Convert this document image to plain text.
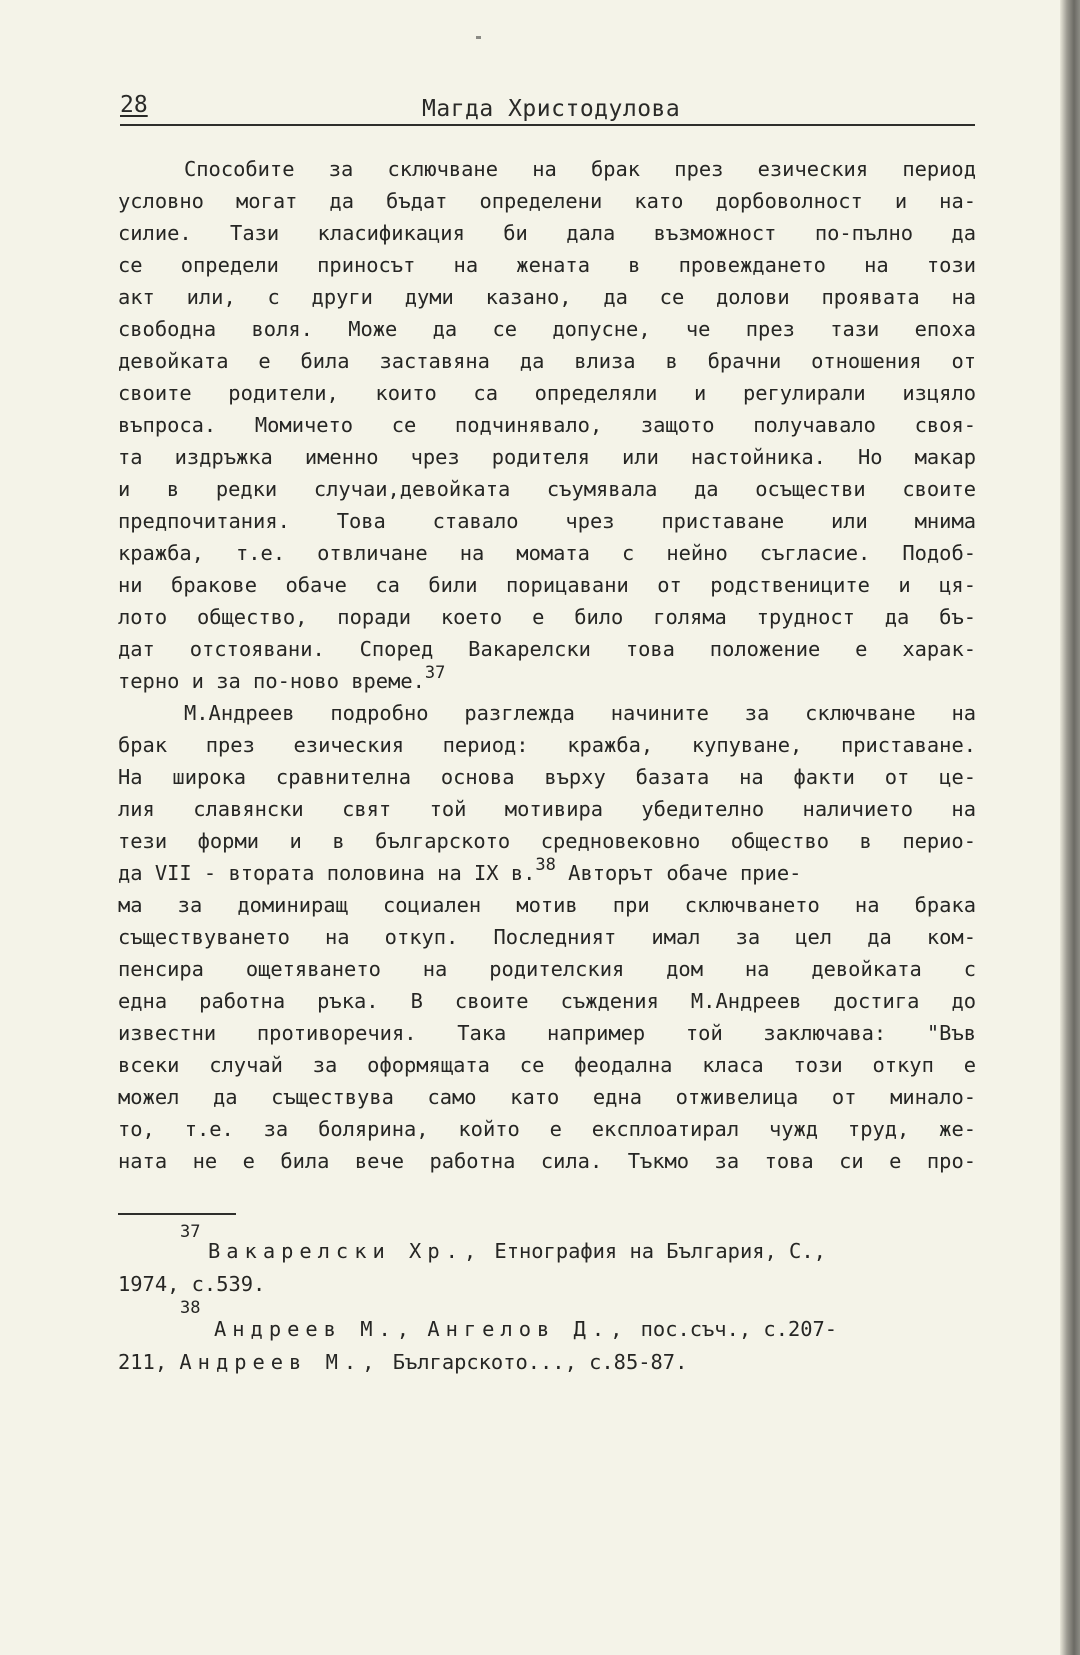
28	Магда Христодулова
Способите за сключване на брак през езическия период
условно могат да бъдат определени като дорбоволност и на-
силие. Тази класификация би дала възможност по-пълно да
се определи приносът на жената в провеждането на този
акт или, с други думи казано, да се долови проявата на
свободна воля. Може да се допусне, че през тази епоха
девойката е била заставяна да влиза в брачни отношения от
своите родители, които са определяли и регулирали изцяло
въпроса. Момичето се подчинявало, защото получавало своя-
та издръжка именно чрез родителя или настойника. Но макар
и в редки случаи,девойката съумявала да осъществи своите
предпочитания. Това ставало чрез приставане или мнима
кражба, т.е. отвличане на момата с нейно съгласие. Подоб-
ни бракове обаче са били порицавани от родствениците и ця-
лото общество, поради което е било голяма трудност да бъ-
дат отстоявани. Според Вакарелски това положение е харак-
терно и за по-ново време.$^{37}$
М.Андреев подробно разглежда начините за сключване на
брак през езическия период: кражба, купуване, приставане.
На широка сравнителна основа върху базата на факти от це-
лия славянски свят той мотивира убедително наличието на
тези форми и в българското средновековно общество в перио-
да VII - втората половина на IX в.$^{38}$ Авторът обаче прие-
ма за доминиращ социален мотив при сключването на брака
съществуването на откуп. Последният имал за цел да ком-
пенсира ощетяването на родителския дом на девойката с
една работна ръка. В своите съждения М.Андреев достига до
известни противоречия. Така например той заключава: "Във
всеки случай за оформящата се феодална класа този откуп е
можел да съществува само като една отживелица от минало-
то, т.е. за болярина, който е експлоатирал чужд труд, же-
ната не е била вече работна сила. Тъкмо за това си е про-
37
Вакарелски Хр., Етнография на България, С.,
1974, с.539.
38
Андреев М., Ангелов Д., пос.съч., с.207-
211, Андреев М., Българското..., с.85-87.
